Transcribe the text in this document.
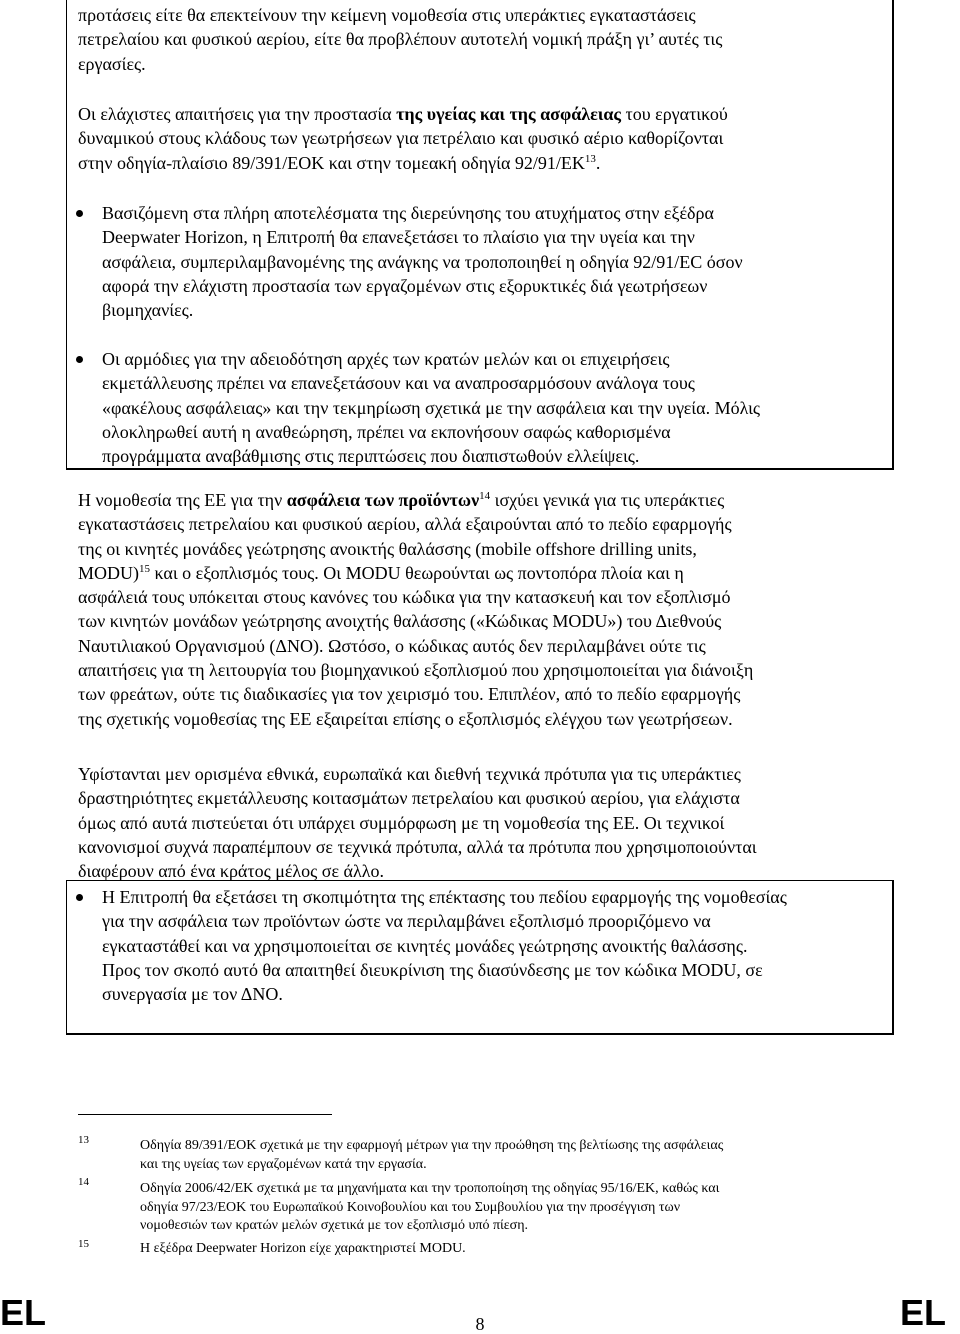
προτάσεις είτε θα επεκτείνουν την κείμενη νομοθεσία στις υπεράκτιες εγκαταστάσεις
πετρελαίου και φυσικού αερίου, είτε θα προβλέπουν αυτοτελή νομική πράξη γι’ αυτές τις
εργασίες.

Οι ελάχιστες απαιτήσεις για την προστασία της υγείας και της ασφάλειας του εργατικού
δυναμικού στους κλάδους των γεωτρήσεων για πετρέλαιο και φυσικό αέριο καθορίζονται
στην οδηγία-πλαίσιο 89/391/ΕΟΚ και στην τομεακή οδηγία 92/91/ΕΚ$^{13}$.

Βασιζόμενη στα πλήρη αποτελέσματα της διερεύνησης του ατυχήματος στην εξέδρα
Deepwater Horizon, η Επιτροπή θα επανεξετάσει το πλαίσιο για την υγεία και την
ασφάλεια, συμπεριλαμβανομένης της ανάγκης να τροποποιηθεί η οδηγία 92/91/EC όσον
αφορά την ελάχιστη προστασία των εργαζομένων στις εξορυκτικές διά γεωτρήσεων
βιομηχανίες.

Οι αρμόδιες για την αδειοδότηση αρχές των κρατών μελών και οι επιχειρήσεις
εκμετάλλευσης πρέπει να επανεξετάσουν και να αναπροσαρμόσουν ανάλογα τους
«φακέλους ασφάλειας» και την τεκμηρίωση σχετικά με την ασφάλεια και την υγεία. Μόλις
ολοκληρωθεί αυτή η αναθεώρηση, πρέπει να εκπονήσουν σαφώς καθορισμένα
προγράμματα αναβάθμισης στις περιπτώσεις που διαπιστωθούν ελλείψεις.

Η νομοθεσία της ΕΕ για την ασφάλεια των προϊόντων$^{14}$ ισχύει γενικά για τις υπεράκτιες
εγκαταστάσεις πετρελαίου και φυσικού αερίου, αλλά εξαιρούνται από το πεδίο εφαρμογής
της οι κινητές μονάδες γεώτρησης ανοικτής θαλάσσης (mobile offshore drilling units,
MODU)$^{15}$ και ο εξοπλισμός τους. Οι MODU θεωρούνται ως ποντοπόρα πλοία και η
ασφάλειά τους υπόκειται στους κανόνες του κώδικα για την κατασκευή και τον εξοπλισμό
των κινητών μονάδων γεώτρησης ανοιχτής θαλάσσης («Κώδικας MODU») του Διεθνούς
Ναυτιλιακού Οργανισμού (ΔΝΟ). Ωστόσο, ο κώδικας αυτός δεν περιλαμβάνει ούτε τις
απαιτήσεις για τη λειτουργία του βιομηχανικού εξοπλισμού που χρησιμοποιείται για διάνοιξη
των φρεάτων, ούτε τις διαδικασίες για τον χειρισμό του. Επιπλέον, από το πεδίο εφαρμογής
της σχετικής νομοθεσίας της ΕΕ εξαιρείται επίσης ο εξοπλισμός ελέγχου των γεωτρήσεων.

Υφίστανται μεν ορισμένα εθνικά, ευρωπαϊκά και διεθνή τεχνικά πρότυπα για τις υπεράκτιες
δραστηριότητες εκμετάλλευσης κοιτασμάτων πετρελαίου και φυσικού αερίου, για ελάχιστα
όμως από αυτά πιστεύεται ότι υπάρχει συμμόρφωση με τη νομοθεσία της ΕΕ. Οι τεχνικοί
κανονισμοί συχνά παραπέμπουν σε τεχνικά πρότυπα, αλλά τα πρότυπα που χρησιμοποιούνται
διαφέρουν από ένα κράτος μέλος σε άλλο.

Η Επιτροπή θα εξετάσει τη σκοπιμότητα της επέκτασης του πεδίου εφαρμογής της νομοθεσίας
για την ασφάλεια των προϊόντων ώστε να περιλαμβάνει εξοπλισμό προοριζόμενο να
εγκαταστάθεί και να χρησιμοποιείται σε κινητές μονάδες γεώτρησης ανοικτής θαλάσσης.
Προς τον σκοπό αυτό θα απαιτηθεί διευκρίνιση της διασύνδεσης με τον κώδικα MODU, σε
συνεργασία με τον ΔΝΟ.

13	Οδηγία 89/391/ΕΟΚ σχετικά με την εφαρμογή μέτρων για την προώθηση της βελτίωσης της ασφάλειας
και της υγείας των εργαζομένων κατά την εργασία.

14	Οδηγία 2006/42/ΕΚ σχετικά με τα μηχανήματα και την τροποποίηση της οδηγίας 95/16/ΕΚ, καθώς και
οδηγία 97/23/ΕΟΚ του Ευρωπαϊκού Κοινοβουλίου και του Συμβουλίου για την προσέγγιση των
νομοθεσιών των κρατών μελών σχετικά με τον εξοπλισμό υπό πίεση.

15	Η εξέδρα Deepwater Horizon είχε χαρακτηριστεί MODU.

EL	8	EL
